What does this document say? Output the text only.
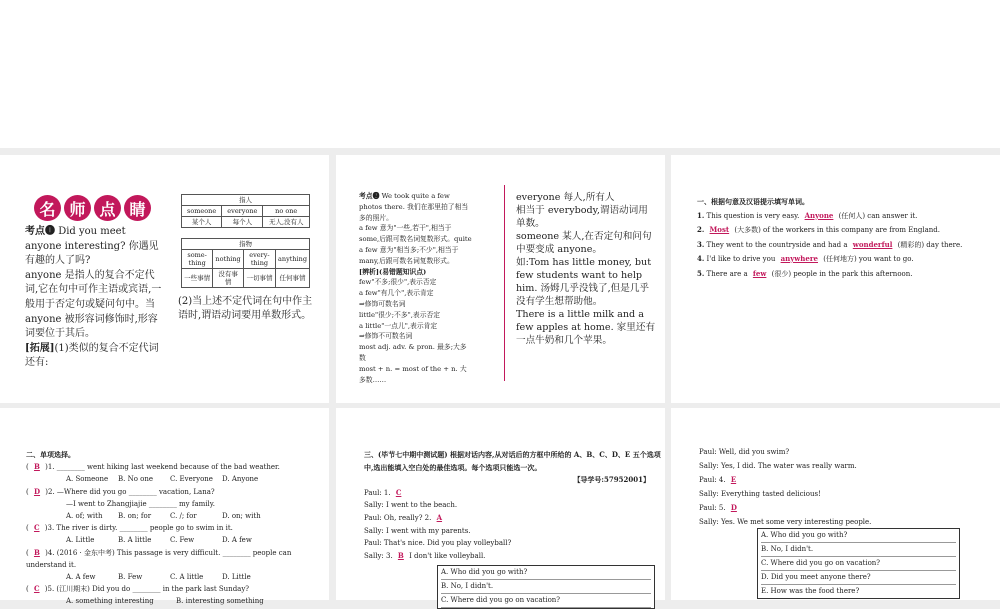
名 师 点 睛
考点❶ Did you meet anyone interesting? 你遇见有趣的人了吗?
anyone 是指人的复合不定代词,它在句中可作主语或宾语,一般用于否定句或疑问句中。当 anyone 被形容词修饰时,形容词要位于其后。
[拓展](1)类似的复合不定代词还有:
指人		
someone	everyone	no one
某个人	每个人	无人,没有人
指物			
some-thing	nothing	every-thing	anything
一些事情	没有事情	一切事情	任何事情
(2)当上述不定代词在句中作主语时,谓语动词要用单数形式。
考点❷ We took quite a few photos there. 我们在那里拍了相当多的照片。
a few 意为"一些,若干",相当于 some,后跟可数名词复数形式。quite a few 意为"相当多;不少",相当于 many,后跟可数名词复数形式。
[辨析](易错题知识点)
few"不多;很少",表示否定
a few"有几个",表示肯定
⇒修饰可数名词
little"很少;不多",表示否定
a little"一点儿",表示肯定
⇒修饰不可数名词
most adj. adv. & pron. 最多;大多数
most + n. = most of the + n. 大多数……
everyone 每人,所有人
相当于 everybody,谓语动词用单数。
someone 某人,在否定句和问句中要变成 anyone。
如:Tom has little money, but few students want to help him. 汤姆几乎没钱了,但是几乎没有学生想帮助他。
There is a little milk and a few apples at home. 家里还有一点牛奶和几个苹果。
一、根据句意及汉语提示填写单词。
1. This question is very easy. Anyone (任何人) can answer it.
2. Most (大多数) of the workers in this company are from England.
3. They went to the countryside and had a wonderful (精彩的) day there.
4. I'd like to drive you anywhere (任何地方) you want to go.
5. There are a few (很少) people in the park this afternoon.
二、单项选择。
( B )1. ________ went hiking last weekend because of the bad weather.
A. Someone B. No one C. Everyone D. Anyone
( D )2. —Where did you go ________ vacation, Lana?
—I went to Zhangjiajie ________ my family.
A. of; with B. on; for	C. /; for	D. on; with
( C )3. The river is dirty. ________ people go to swim in it.
A. Little	B. A little	C. Few	D. A few
( B )4. (2016 · 金东中考) This passage is very difficult. ________ people can understand it.
A. A few	B. Few	C. A little	D. Little
( C )5. (江川期末) Did you do ________ in the park last Sunday?
A. something interesting	B. interesting something
三、(毕节七中期中测试题) 根据对话内容,从对话后的方框中所给的 A、B、C、D、E 五个选项中,选出能填入空白处的最佳选项。每个选项只能选一次。
【导学号:57952001】
Paul: 1. C
Sally: I went to the beach.
Paul: Oh, really? 2. A
Sally: I went with my parents.
Paul: That's nice. Did you play volleyball?
Sally: 3. B I don't like volleyball.
A. Who did you go with?
B. No, I didn't.
C. Where did you go on vacation?
Paul: Well, did you swim?
Sally: Yes, I did. The water was really warm.
Paul: 4. E
Sally: Everything tasted delicious!
Paul: 5. D
Sally: Yes. We met some very interesting people.
A. Who did you go with?
B. No, I didn't.
C. Where did you go on vacation?
D. Did you meet anyone there?
E. How was the food there?
